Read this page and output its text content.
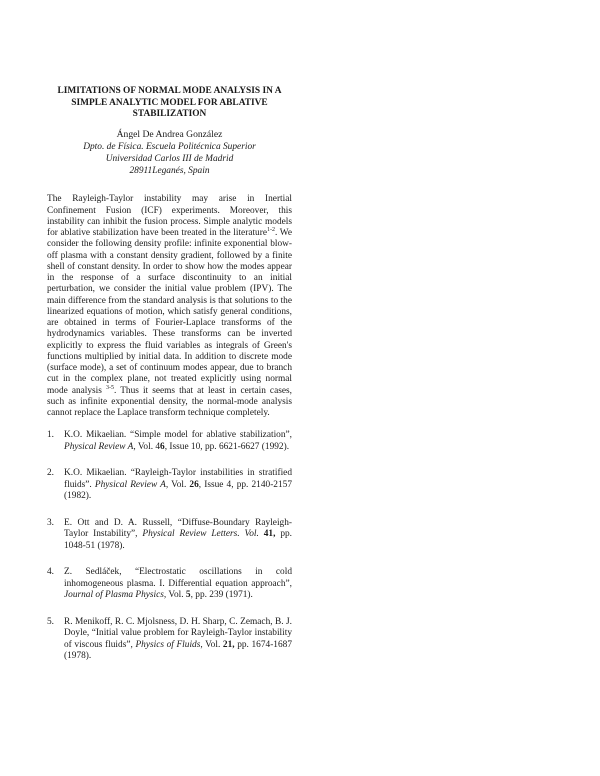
LIMITATIONS OF NORMAL MODE ANALYSIS IN A
SIMPLE ANALYTIC MODEL FOR ABLATIVE
STABILIZATION
Ángel De Andrea González
Dpto. de Física. Escuela Politécnica Superior
Universidad Carlos III de Madrid
28911Leganés, Spain
The Rayleigh-Taylor instability may arise in Inertial Confinement Fusion (ICF) experiments. Moreover, this instability can inhibit the fusion process. Simple analytic models for ablative stabilization have been treated in the literature$^{1-2}$. We consider the following density profile: infinite exponential blow-off plasma with a constant density gradient, followed by a finite shell of constant density. In order to show how the modes appear in the response of a surface discontinuity to an initial perturbation, we consider the initial value problem (IPV). The main difference from the standard analysis is that solutions to the linearized equations of motion, which satisfy general conditions, are obtained in terms of Fourier-Laplace transforms of the hydrodynamics variables. These transforms can be inverted explicitly to express the fluid variables as integrals of Green's functions multiplied by initial data. In addition to discrete mode (surface mode), a set of continuum modes appear, due to branch cut in the complex plane, not treated explicitly using normal mode analysis $^{3-5}$. Thus it seems that at least in certain cases, such as infinite exponential density, the normal-mode analysis cannot replace the Laplace transform technique completely.
1. K.O. Mikaelian. “Simple model for ablative stabilization”, Physical Review A, Vol. 46, Issue 10, pp. 6621-6627 (1992).
2. K.O. Mikaelian. “Rayleigh-Taylor instabilities in stratified fluids”. Physical Review A, Vol. 26, Issue 4, pp. 2140-2157 (1982).
3. E. Ott and D. A. Russell, “Diffuse-Boundary Rayleigh-Taylor Instability”, Physical Review Letters. Vol. 41, pp. 1048-51 (1978).
4. Z. Sedláček, “Electrostatic oscillations in cold inhomogeneous plasma. I. Differential equation approach”, Journal of Plasma Physics, Vol. 5, pp. 239 (1971).
5. R. Menikoff, R. C. Mjolsness, D. H. Sharp, C. Zemach, B. J. Doyle, “Initial value problem for Rayleigh-Taylor instability of viscous fluids”, Physics of Fluids, Vol. 21, pp. 1674-1687 (1978).
